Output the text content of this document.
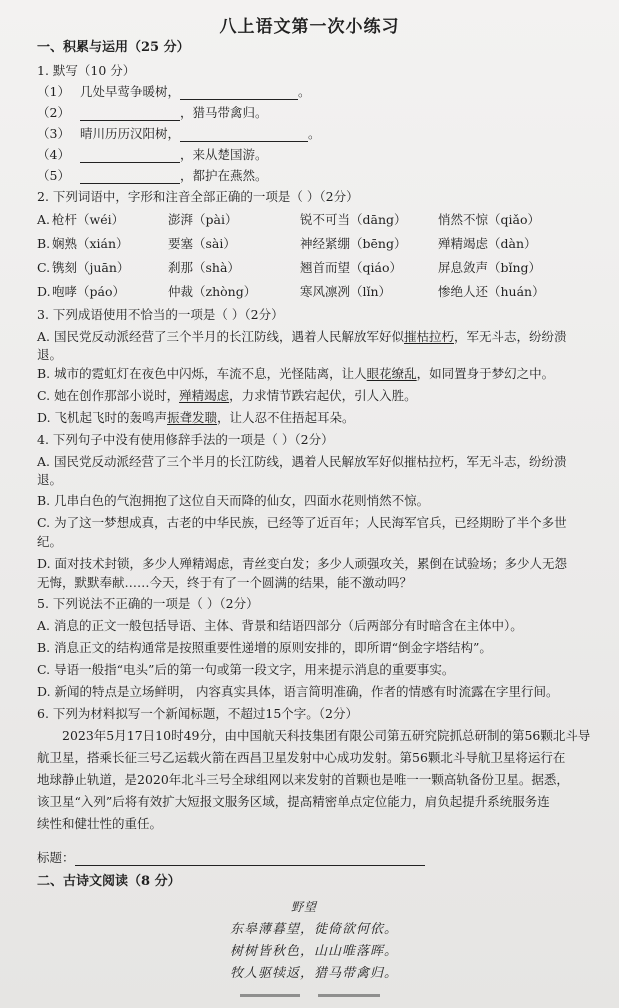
八上语文第一次小练习
一、积累与运用（25 分）
1. 默写（10 分）
（1） 几处早莺争暖树，	。
（2）	，猎马带禽归。
（3） 晴川历历汉阳树，	。
（4）	，来从楚国游。
（5）	，都护在燕然。
2. 下列词语中，字形和注音全部正确的一项是（ ）（2分）
A. 枪杆（wéi）	澎湃（pài）	锐不可当（dāng）	悄然不惊（qiǎo）
B. 娴熟（xián）	要塞（sài）	神经紧绷（bēng）	殚精竭虑（dàn）
C. 镌刻（juān）	刹那（shà）	翘首而望（qiáo）	屏息敛声（bǐng）
D. 咆哮（páo）	仲裁（zhòng）	寒风凛冽（lǐn）	惨绝人还（huán）
3. 下列成语使用不恰当的一项是（ ）（2分）
A. 国民党反动派经营了三个半月的长江防线，遇着人民解放军好似摧枯拉朽，军无斗志，纷纷溃
退。
B. 城市的霓虹灯在夜色中闪烁，车流不息，光怪陆离，让人眼花缭乱，如同置身于梦幻之中。
C. 她在创作那部小说时，殚精竭虑，力求情节跌宕起伏，引人入胜。
D. 飞机起飞时的轰鸣声振聋发聩，让人忍不住捂起耳朵。
4. 下列句子中没有使用修辞手法的一项是（ ）（2分）
A. 国民党反动派经营了三个半月的长江防线，遇着人民解放军好似摧枯拉朽，军无斗志，纷纷溃
退。
B. 几串白色的气泡拥抱了这位自天而降的仙女，四面水花则悄然不惊。
C. 为了这一梦想成真，古老的中华民族，已经等了近百年；人民海军官兵，已经期盼了半个多世
纪。
D. 面对技术封锁，多少人殚精竭虑，青丝变白发；多少人顽强攻关，累倒在试验场；多少人无怨
无悔，默默奉献……今天，终于有了一个圆满的结果，能不激动吗？
5. 下列说法不正确的一项是（ ）（2分）
A. 消息的正文一般包括导语、主体、背景和结语四部分（后两部分有时暗含在主体中）。
B. 消息正文的结构通常是按照重要性递增的原则安排的，即所谓“倒金字塔结构”。
C. 导语一般指“电头”后的第一句或第一段文字，用来提示消息的重要事实。
D. 新闻的特点是立场鲜明， 内容真实具体，语言简明准确，作者的情感有时流露在字里行间。
6. 下列为材料拟写一个新闻标题，不超过15个字。（2分）
2023年5月17日10时49分，由中国航天科技集团有限公司第五研究院抓总研制的第56颗北斗导
航卫星，搭乘长征三号乙运载火箭在西昌卫星发射中心成功发射。第56颗北斗导航卫星将运行在
地球静止轨道，是2020年北斗三号全球组网以来发射的首颗也是唯一一颗高轨备份卫星。据悉，
该卫星“入列”后将有效扩大短报文服务区域，提高精密单点定位能力，肩负起提升系统服务连
续性和健壮性的重任。
标题：
二、古诗文阅读（8 分）
野望
东皋薄暮望，徙倚欲何依。
树树皆秋色，山山唯落晖。
牧人驱犊返，猎马带禽归。
